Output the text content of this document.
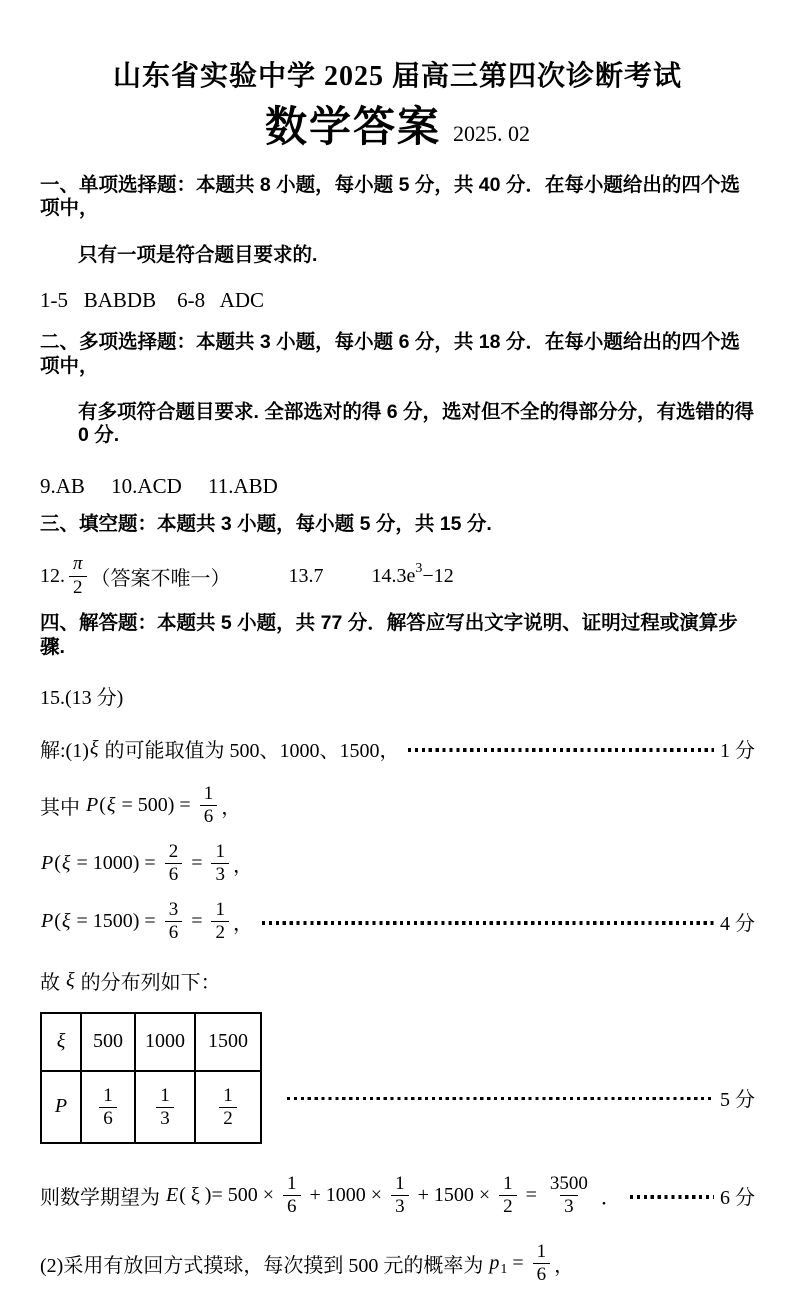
山东省实验中学 2025 届高三第四次诊断考试
数学答案 2025. 02
一、单项选择题：本题共 8 小题，每小题 5 分，共 40 分．在每小题给出的四个选项中，
只有一项是符合题目要求的.
1-5   BABDB    6-8   ADC
二、多项选择题：本题共 3 小题，每小题 6 分，共 18 分．在每小题给出的四个选项中，
有多项符合题目要求. 全部选对的得 6 分，选对但不全的得部分分，有选错的得 0 分.
9.AB     10.ACD     11.ABD
三、填空题：本题共 3 小题，每小题 5 分，共 15 分.
12. $\frac{\pi}{2}$ （答案不唯一）	13.7 14.3e 3 −12
四、解答题：本题共 5 小题，共 77 分．解答应写出文字说明、证明过程或演算步骤.
15.(13 分)
解:(1) ξ 的可能取值为 500、1000、1500，	1 分
其中 P ( $\xi = 500) = \frac{1}{6}$ ，
P ( $\xi = 1000) = \frac{2}{6} = \frac{1}{3}$ ，
P ( $\xi = 1500) = \frac{3}{6} = \frac{1}{2}$ ，	4 分
故 ξ 的分布列如下：
ξ	500	1000	1500
P	$\frac{1}{6}$	$\frac{1}{3}$	$\frac{1}{2}$	5 分
则数学期望为 E ( ξ )= $500 \times \frac{1}{6} + 1000 \times \frac{1}{3} + 1500 \times \frac{1}{2} = \frac{3500}{3}$ ．	6 分
(2)采用有放回方式摸球，每次摸到 500 元的概率为 p $1 = \frac{1}{6}$ ，
